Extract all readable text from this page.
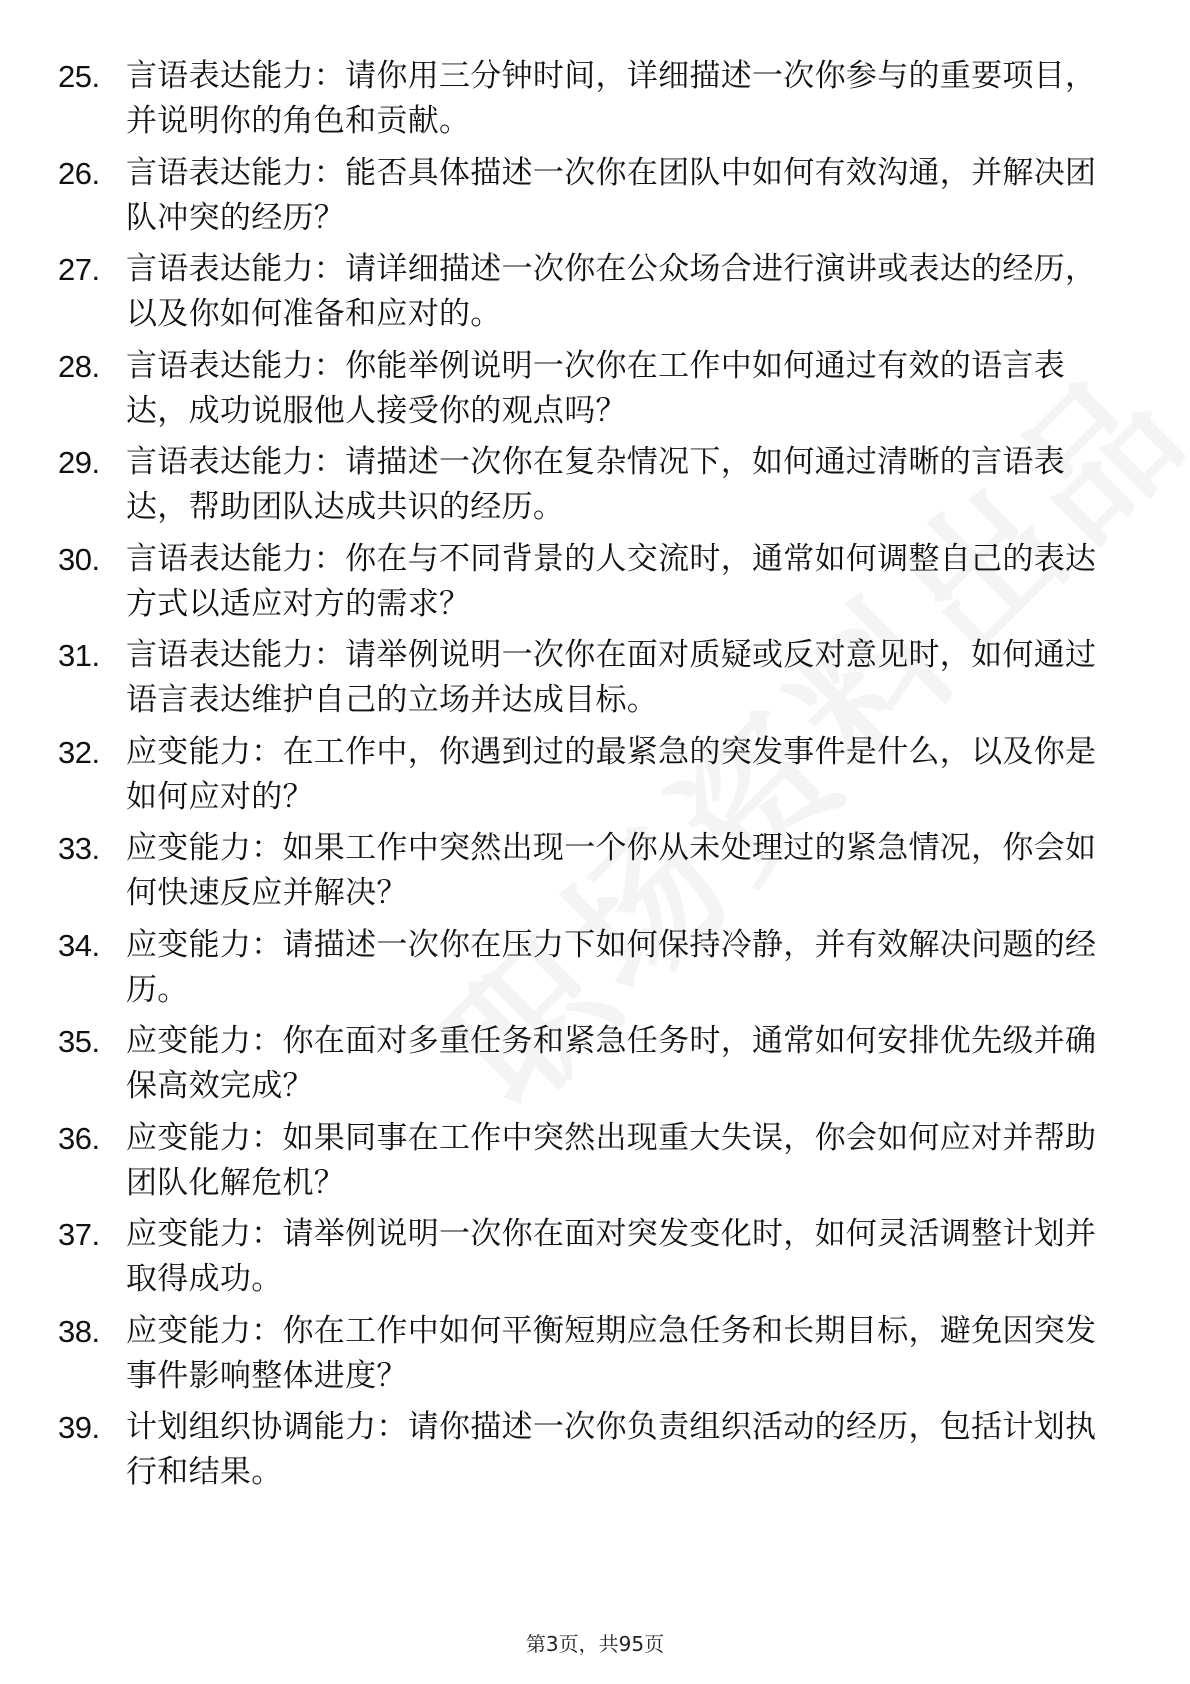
25. 言语表达能力：请你用三分钟时间，详细描述一次你参与的重要项目，并说明你的角色和贡献。
26. 言语表达能力：能否具体描述一次你在团队中如何有效沟通，并解决团队冲突的经历？
27. 言语表达能力：请详细描述一次你在公众场合进行演讲或表达的经历，以及你如何准备和应对的。
28. 言语表达能力：你能举例说明一次你在工作中如何通过有效的语言表达，成功说服他人接受你的观点吗？
29. 言语表达能力：请描述一次你在复杂情况下，如何通过清晰的言语表达，帮助团队达成共识的经历。
30. 言语表达能力：你在与不同背景的人交流时，通常如何调整自己的表达方式以适应对方的需求？
31. 言语表达能力：请举例说明一次你在面对质疑或反对意见时，如何通过语言表达维护自己的立场并达成目标。
32. 应变能力：在工作中，你遇到过的最紧急的突发事件是什么，以及你是如何应对的？
33. 应变能力：如果工作中突然出现一个你从未处理过的紧急情况，你会如何快速反应并解决？
34. 应变能力：请描述一次你在压力下如何保持冷静，并有效解决问题的经历。
35. 应变能力：你在面对多重任务和紧急任务时，通常如何安排优先级并确保高效完成？
36. 应变能力：如果同事在工作中突然出现重大失误，你会如何应对并帮助团队化解危机？
37. 应变能力：请举例说明一次你在面对突发变化时，如何灵活调整计划并取得成功。
38. 应变能力：你在工作中如何平衡短期应急任务和长期目标，避免因突发事件影响整体进度？
39. 计划组织协调能力：请你描述一次你负责组织活动的经历，包括计划执行和结果。
第3页，共95页
